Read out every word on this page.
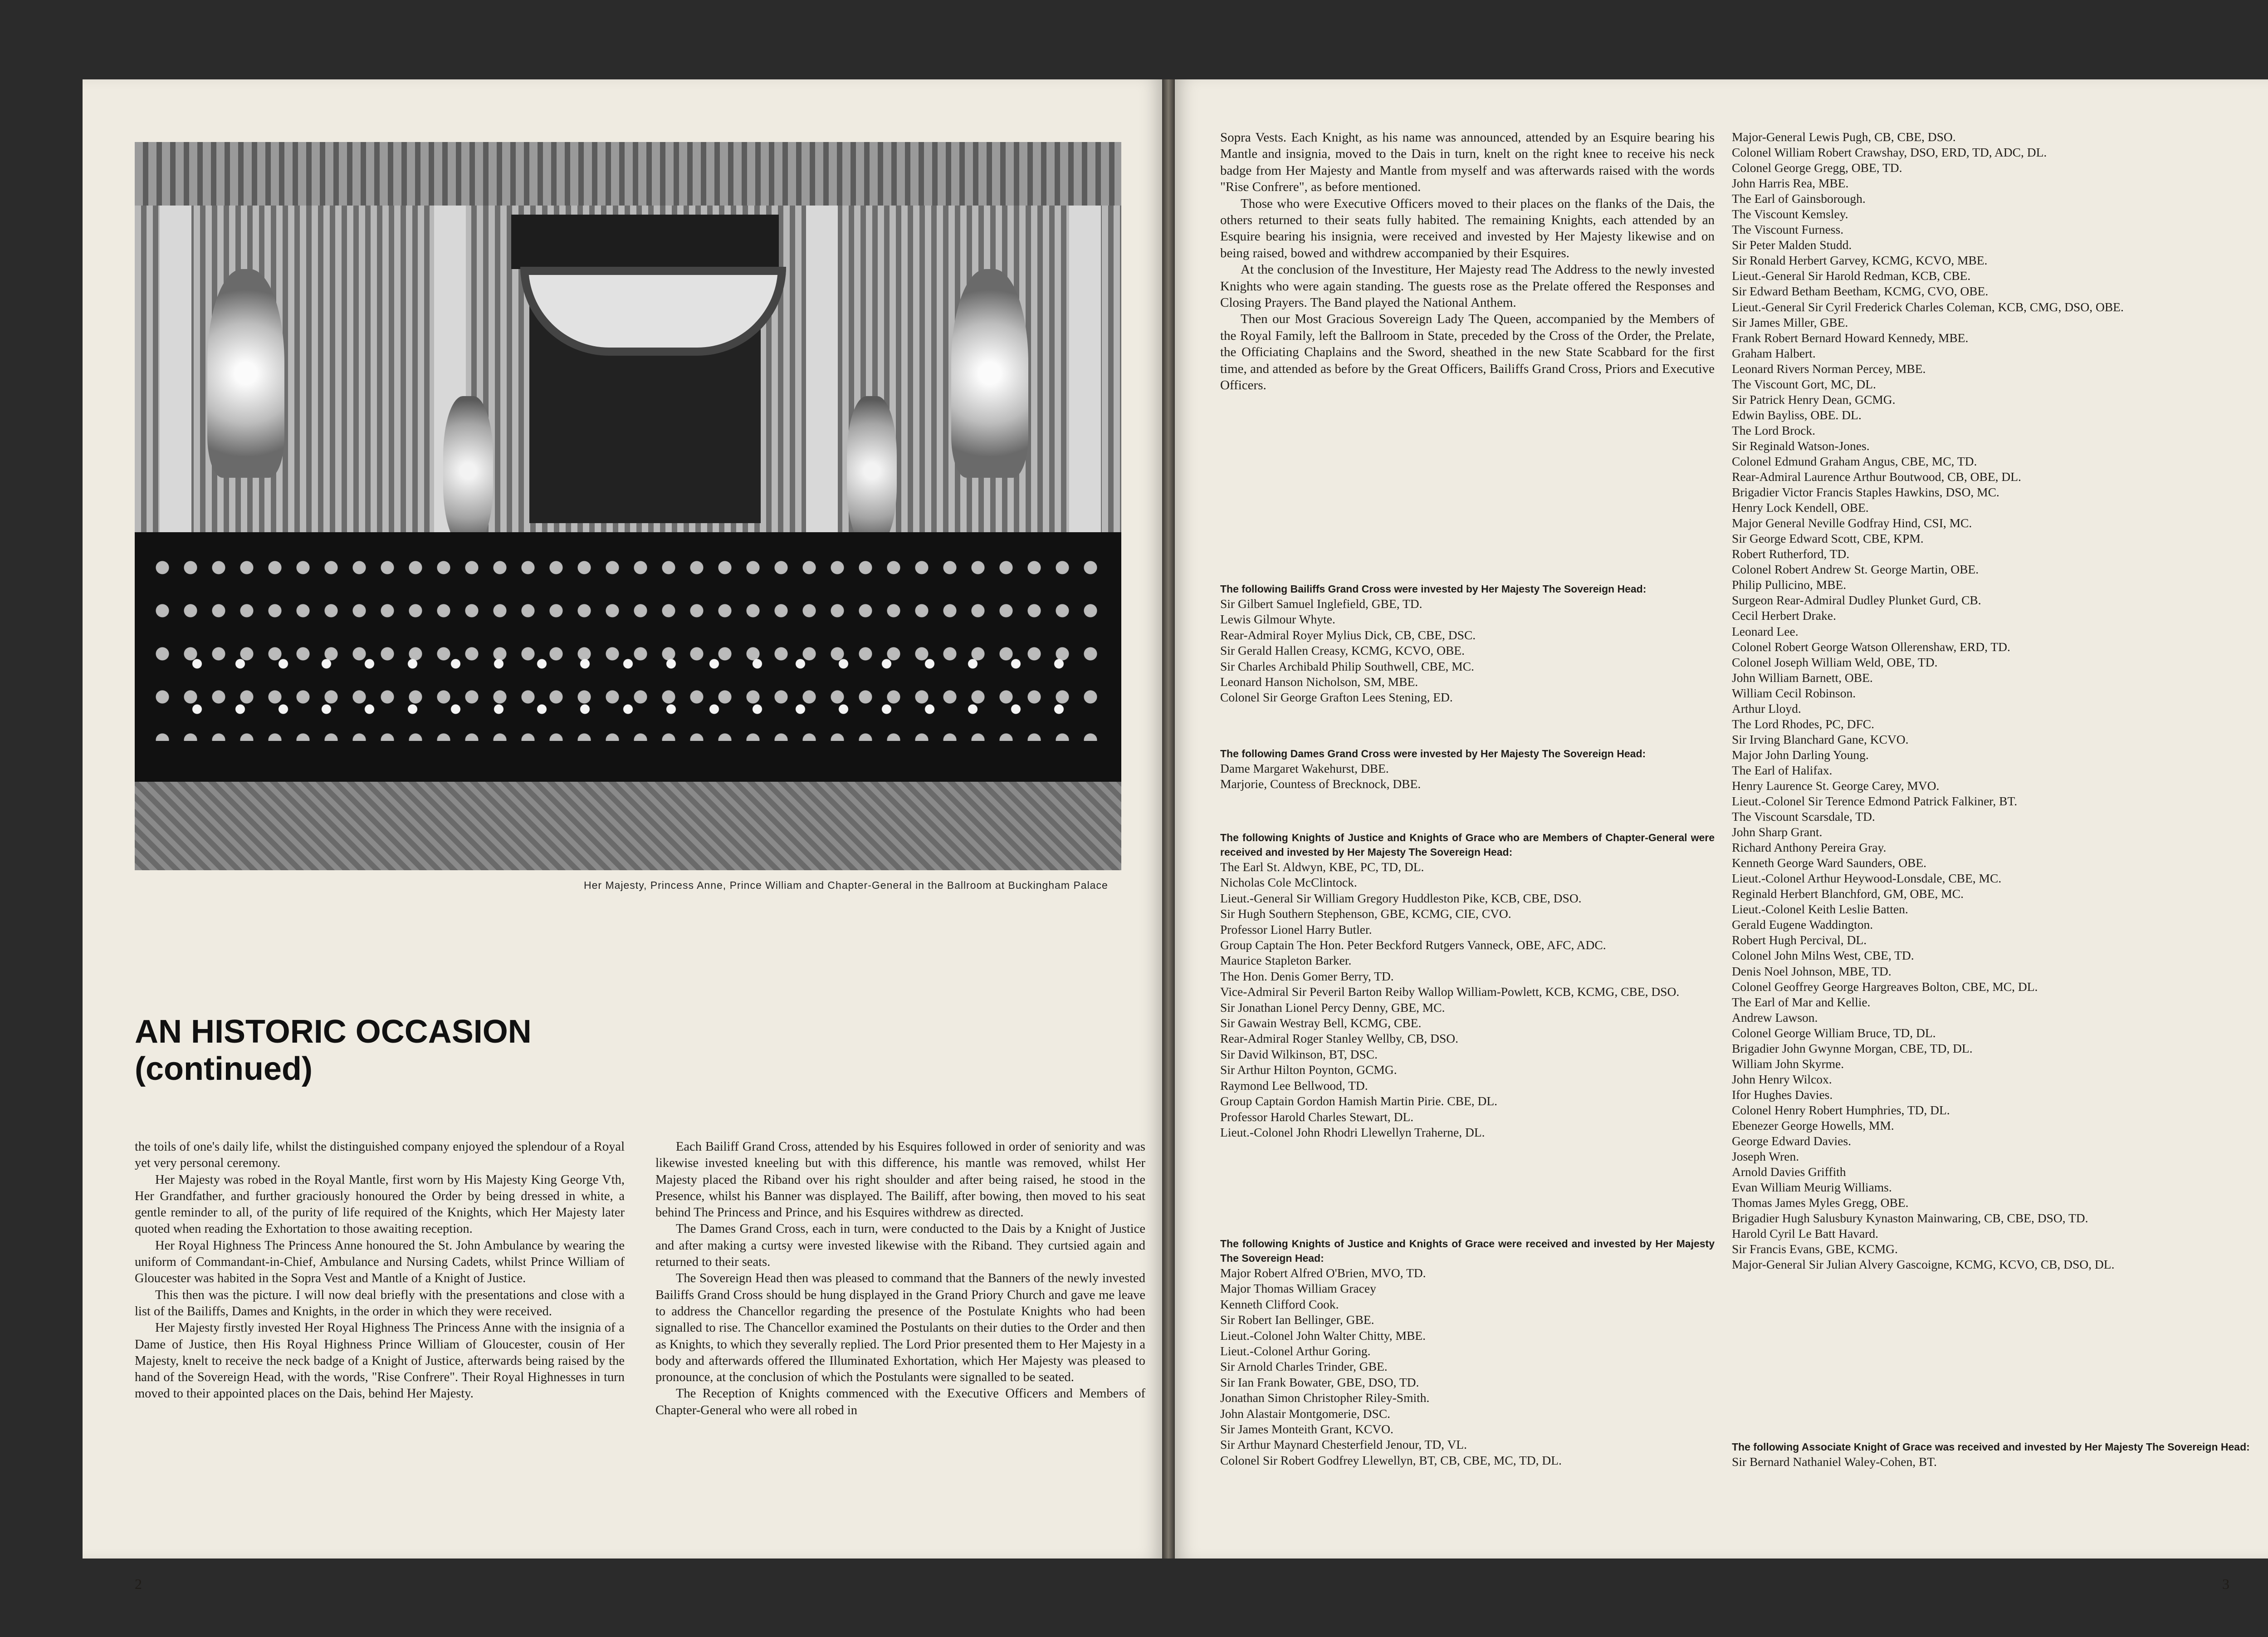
Her Majesty, Princess Anne, Prince William and Chapter-General in the Ballroom at Buckingham Palace
AN HISTORIC OCCASION
(continued)

the toils of one's daily life, whilst the distinguished company enjoyed the splendour of a Royal yet very personal ceremony.

Her Majesty was robed in the Royal Mantle, first worn by His Majesty King George Vth, Her Grandfather, and further graciously honoured the Order by being dressed in white, a gentle reminder to all, of the purity of life required of the Knights, which Her Majesty later quoted when reading the Exhortation to those awaiting reception.

Her Royal Highness The Princess Anne honoured the St. John Ambulance by wearing the uniform of Commandant-in-Chief, Ambulance and Nursing Cadets, whilst Prince William of Gloucester was habited in the Sopra Vest and Mantle of a Knight of Justice.

This then was the picture. I will now deal briefly with the presentations and close with a list of the Bailiffs, Dames and Knights, in the order in which they were received.

Her Majesty firstly invested Her Royal Highness The Princess Anne with the insignia of a Dame of Justice, then His Royal Highness Prince William of Gloucester, cousin of Her Majesty, knelt to receive the neck badge of a Knight of Justice, afterwards being raised by the hand of the Sovereign Head, with the words, "Rise Confrere". Their Royal Highnesses in turn moved to their appointed places on the Dais, behind Her Majesty.

Each Bailiff Grand Cross, attended by his Esquires followed in order of seniority and was likewise invested kneeling but with this difference, his mantle was removed, whilst Her Majesty placed the Riband over his right shoulder and after being raised, he stood in the Presence, whilst his Banner was displayed. The Bailiff, after bowing, then moved to his seat behind The Princess and Prince, and his Esquires withdrew as directed.

The Dames Grand Cross, each in turn, were conducted to the Dais by a Knight of Justice and after making a curtsy were invested likewise with the Riband. They curtsied again and returned to their seats.

The Sovereign Head then was pleased to command that the Banners of the newly invested Bailiffs Grand Cross should be hung displayed in the Grand Priory Church and gave me leave to address the Chancellor regarding the presence of the Postulate Knights who had been signalled to rise. The Chancellor examined the Postulants on their duties to the Order and then as Knights, to which they severally replied. The Lord Prior presented them to Her Majesty in a body and afterwards offered the Illuminated Exhortation, which Her Majesty was pleased to pronounce, at the conclusion of which the Postulants were signalled to be seated.

The Reception of Knights commenced with the Executive Officers and Members of Chapter-General who were all robed in

2

Sopra Vests. Each Knight, as his name was announced, attended by an Esquire bearing his Mantle and insignia, moved to the Dais in turn, knelt on the right knee to receive his neck badge from Her Majesty and Mantle from myself and was afterwards raised with the words "Rise Confrere", as before mentioned.

Those who were Executive Officers moved to their places on the flanks of the Dais, the others returned to their seats fully habited. The remaining Knights, each attended by an Esquire bearing his insignia, were received and invested by Her Majesty likewise and on being raised, bowed and withdrew accompanied by their Esquires.

At the conclusion of the Investiture, Her Majesty read The Address to the newly invested Knights who were again standing. The guests rose as the Prelate offered the Responses and Closing Prayers. The Band played the National Anthem.

Then our Most Gracious Sovereign Lady The Queen, accompanied by the Members of the Royal Family, left the Ballroom in State, preceded by the Cross of the Order, the Prelate, the Officiating Chaplains and the Sword, sheathed in the new State Scabbard for the first time, and attended as before by the Great Officers, Bailiffs Grand Cross, Priors and Executive Officers.

The following Bailiffs Grand Cross were invested by Her Majesty The Sovereign Head:
Sir Gilbert Samuel Inglefield, GBE, TD.
Lewis Gilmour Whyte.
Rear-Admiral Royer Mylius Dick, CB, CBE, DSC.
Sir Gerald Hallen Creasy, KCMG, KCVO, OBE.
Sir Charles Archibald Philip Southwell, CBE, MC.
Leonard Hanson Nicholson, SM, MBE.
Colonel Sir George Grafton Lees Stening, ED.
The following Dames Grand Cross were invested by Her Majesty The Sovereign Head:
Dame Margaret Wakehurst, DBE.
Marjorie, Countess of Brecknock, DBE.
The following Knights of Justice and Knights of Grace who are Members of Chapter-General were received and invested by Her Majesty The Sovereign Head:
The Earl St. Aldwyn, KBE, PC, TD, DL.
Nicholas Cole McClintock.
Lieut.-General Sir William Gregory Huddleston Pike, KCB, CBE, DSO.
Sir Hugh Southern Stephenson, GBE, KCMG, CIE, CVO.
Professor Lionel Harry Butler.
Group Captain The Hon. Peter Beckford Rutgers Vanneck, OBE, AFC, ADC.
Maurice Stapleton Barker.
The Hon. Denis Gomer Berry, TD.
Vice-Admiral Sir Peveril Barton Reiby Wallop William-Powlett, KCB, KCMG, CBE, DSO.
Sir Jonathan Lionel Percy Denny, GBE, MC.
Sir Gawain Westray Bell, KCMG, CBE.
Rear-Admiral Roger Stanley Wellby, CB, DSO.
Sir David Wilkinson, BT, DSC.
Sir Arthur Hilton Poynton, GCMG.
Raymond Lee Bellwood, TD.
Group Captain Gordon Hamish Martin Pirie. CBE, DL.
Professor Harold Charles Stewart, DL.
Lieut.-Colonel John Rhodri Llewellyn Traherne, DL.
The following Knights of Justice and Knights of Grace were received and invested by Her Majesty The Sovereign Head:
Major Robert Alfred O'Brien, MVO, TD.
Major Thomas William Gracey
Kenneth Clifford Cook.
Sir Robert Ian Bellinger, GBE.
Lieut.-Colonel John Walter Chitty, MBE.
Lieut.-Colonel Arthur Goring.
Sir Arnold Charles Trinder, GBE.
Sir Ian Frank Bowater, GBE, DSO, TD.
Jonathan Simon Christopher Riley-Smith.
John Alastair Montgomerie, DSC.
Sir James Monteith Grant, KCVO.
Sir Arthur Maynard Chesterfield Jenour, TD, VL.
Colonel Sir Robert Godfrey Llewellyn, BT, CB, CBE, MC, TD, DL.
Major-General Lewis Pugh, CB, CBE, DSO.
Colonel William Robert Crawshay, DSO, ERD, TD, ADC, DL.
Colonel George Gregg, OBE, TD.
John Harris Rea, MBE.
The Earl of Gainsborough.
The Viscount Kemsley.
The Viscount Furness.
Sir Peter Malden Studd.
Sir Ronald Herbert Garvey, KCMG, KCVO, MBE.
Lieut.-General Sir Harold Redman, KCB, CBE.
Sir Edward Betham Beetham, KCMG, CVO, OBE.
Lieut.-General Sir Cyril Frederick Charles Coleman, KCB, CMG, DSO, OBE.
Sir James Miller, GBE.
Frank Robert Bernard Howard Kennedy, MBE.
Graham Halbert.
Leonard Rivers Norman Percey, MBE.
The Viscount Gort, MC, DL.
Sir Patrick Henry Dean, GCMG.
Edwin Bayliss, OBE. DL.
The Lord Brock.
Sir Reginald Watson-Jones.
Colonel Edmund Graham Angus, CBE, MC, TD.
Rear-Admiral Laurence Arthur Boutwood, CB, OBE, DL.
Brigadier Victor Francis Staples Hawkins, DSO, MC.
Henry Lock Kendell, OBE.
Major General Neville Godfray Hind, CSI, MC.
Sir George Edward Scott, CBE, KPM.
Robert Rutherford, TD.
Colonel Robert Andrew St. George Martin, OBE.
Philip Pullicino, MBE.
Surgeon Rear-Admiral Dudley Plunket Gurd, CB.
Cecil Herbert Drake.
Leonard Lee.
Colonel Robert George Watson Ollerenshaw, ERD, TD.
Colonel Joseph William Weld, OBE, TD.
John William Barnett, OBE.
William Cecil Robinson.
Arthur Lloyd.
The Lord Rhodes, PC, DFC.
Sir Irving Blanchard Gane, KCVO.
Major John Darling Young.
The Earl of Halifax.
Henry Laurence St. George Carey, MVO.
Lieut.-Colonel Sir Terence Edmond Patrick Falkiner, BT.
The Viscount Scarsdale, TD.
John Sharp Grant.
Richard Anthony Pereira Gray.
Kenneth George Ward Saunders, OBE.
Lieut.-Colonel Arthur Heywood-Lonsdale, CBE, MC.
Reginald Herbert Blanchford, GM, OBE, MC.
Lieut.-Colonel Keith Leslie Batten.
Gerald Eugene Waddington.
Robert Hugh Percival, DL.
Colonel John Milns West, CBE, TD.
Denis Noel Johnson, MBE, TD.
Colonel Geoffrey George Hargreaves Bolton, CBE, MC, DL.
The Earl of Mar and Kellie.
Andrew Lawson.
Colonel George William Bruce, TD, DL.
Brigadier John Gwynne Morgan, CBE, TD, DL.
William John Skyrme.
John Henry Wilcox.
Ifor Hughes Davies.
Colonel Henry Robert Humphries, TD, DL.
Ebenezer George Howells, MM.
George Edward Davies.
Joseph Wren.
Arnold Davies Griffith
Evan William Meurig Williams.
Thomas James Myles Gregg, OBE.
Brigadier Hugh Salusbury Kynaston Mainwaring, CB, CBE, DSO, TD.
Harold Cyril Le Batt Havard.
Sir Francis Evans, GBE, KCMG.
Major-General Sir Julian Alvery Gascoigne, KCMG, KCVO, CB, DSO, DL.
The following Associate Knight of Grace was received and invested by Her Majesty The Sovereign Head:
Sir Bernard Nathaniel Waley-Cohen, BT.
3
